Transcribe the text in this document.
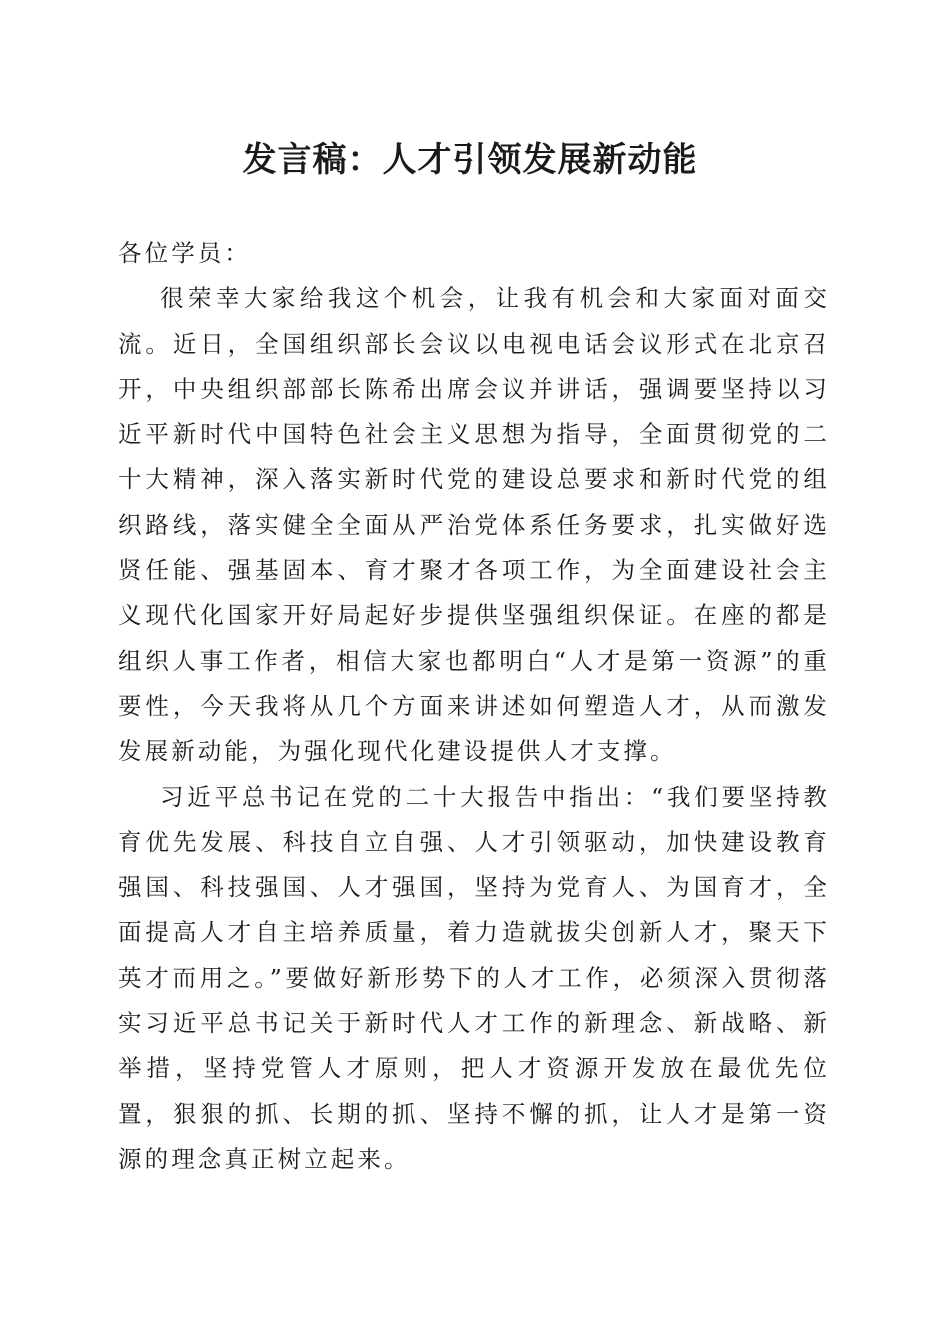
发言稿：人才引领发展新动能

各位学员：

很荣幸大家给我这个机会，让我有机会和大家面对面交流。近日，全国组织部长会议以电视电话会议形式在北京召开，中央组织部部长陈希出席会议并讲话，强调要坚持以习近平新时代中国特色社会主义思想为指导，全面贯彻党的二十大精神，深入落实新时代党的建设总要求和新时代党的组织路线，落实健全全面从严治党体系任务要求，扎实做好选贤任能、强基固本、育才聚才各项工作，为全面建设社会主义现代化国家开好局起好步提供坚强组织保证。在座的都是组织人事工作者，相信大家也都明白“人才是第一资源”的重要性，今天我将从几个方面来讲述如何塑造人才，从而激发发展新动能，为强化现代化建设提供人才支撑。

习近平总书记在党的二十大报告中指出：“我们要坚持教育优先发展、科技自立自强、人才引领驱动，加快建设教育强国、科技强国、人才强国，坚持为党育人、为国育才，全面提高人才自主培养质量，着力造就拔尖创新人才，聚天下英才而用之。”要做好新形势下的人才工作，必须深入贯彻落实习近平总书记关于新时代人才工作的新理念、新战略、新举措，坚持党管人才原则，把人才资源开发放在最优先位置，狠狠的抓、长期的抓、坚持不懈的抓，让人才是第一资源的理念真正树立起来。
